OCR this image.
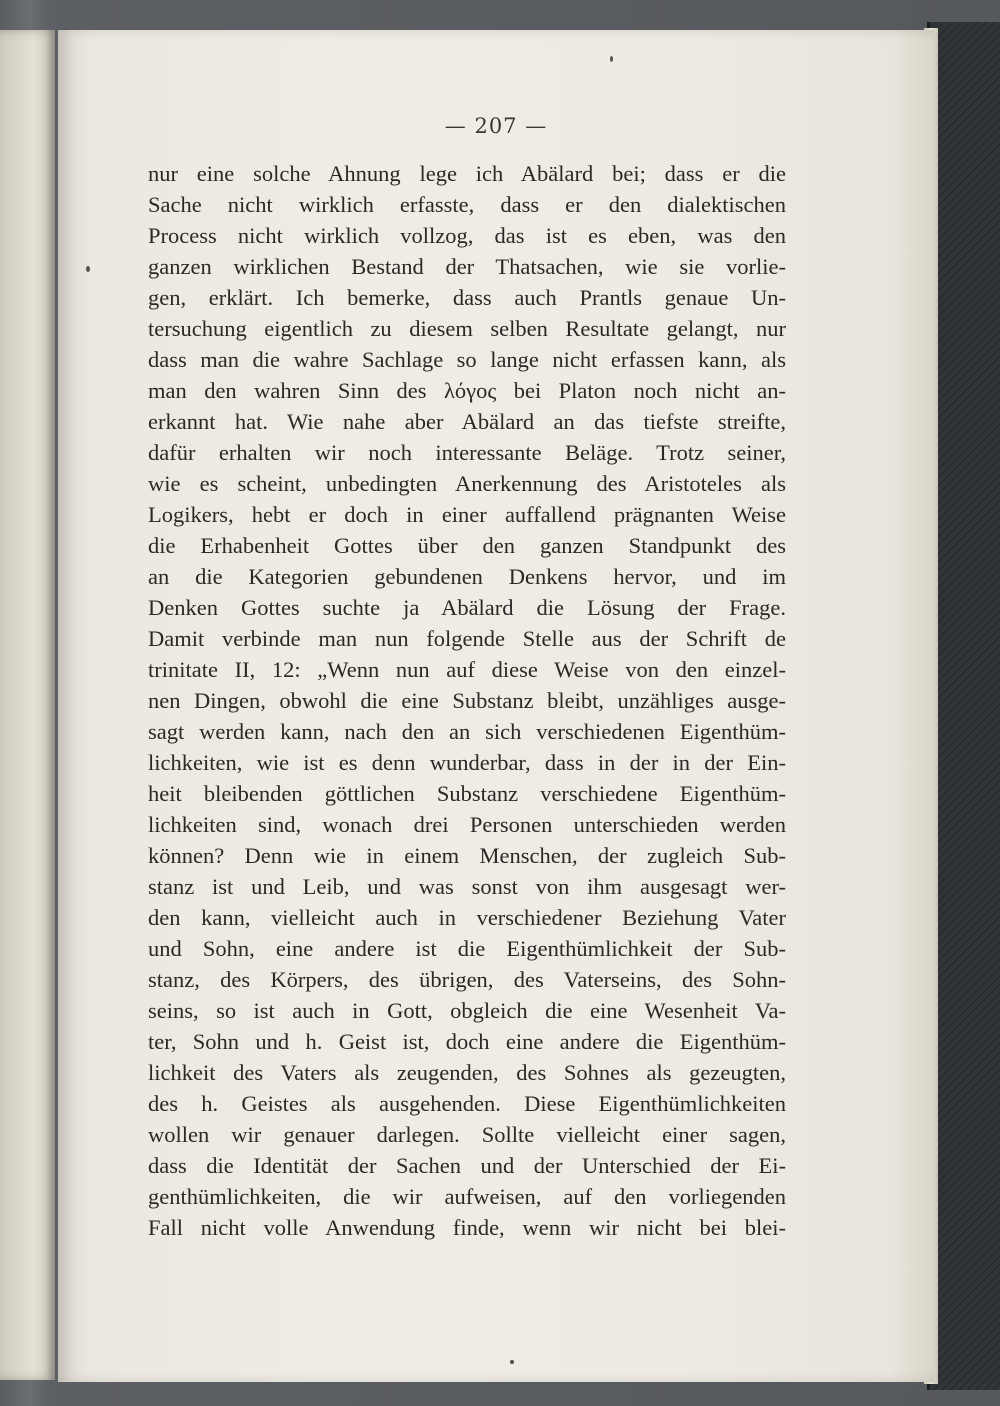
— 207 —
nur eine solche Ahnung lege ich Abälard bei; dass er die
Sache nicht wirklich erfasste, dass er den dialektischen
Process nicht wirklich vollzog, das ist es eben, was den
ganzen wirklichen Bestand der Thatsachen, wie sie vorlie-
gen, erklärt. Ich bemerke, dass auch Prantls genaue Un-
tersuchung eigentlich zu diesem selben Resultate gelangt, nur
dass man die wahre Sachlage so lange nicht erfassen kann, als
man den wahren Sinn des λόγος bei Platon noch nicht an-
erkannt hat. Wie nahe aber Abälard an das tiefste streifte,
dafür erhalten wir noch interessante Beläge. Trotz seiner,
wie es scheint, unbedingten Anerkennung des Aristoteles als
Logikers, hebt er doch in einer auffallend prägnanten Weise
die Erhabenheit Gottes über den ganzen Standpunkt des
an die Kategorien gebundenen Denkens hervor, und im
Denken Gottes suchte ja Abälard die Lösung der Frage.
Damit verbinde man nun folgende Stelle aus der Schrift de
trinitate II, 12: „Wenn nun auf diese Weise von den einzel-
nen Dingen, obwohl die eine Substanz bleibt, unzähliges ausge-
sagt werden kann, nach den an sich verschiedenen Eigenthüm-
lichkeiten, wie ist es denn wunderbar, dass in der in der Ein-
heit bleibenden göttlichen Substanz verschiedene Eigenthüm-
lichkeiten sind, wonach drei Personen unterschieden werden
können? Denn wie in einem Menschen, der zugleich Sub-
stanz ist und Leib, und was sonst von ihm ausgesagt wer-
den kann, vielleicht auch in verschiedener Beziehung Vater
und Sohn, eine andere ist die Eigenthümlichkeit der Sub-
stanz, des Körpers, des übrigen, des Vaterseins, des Sohn-
seins, so ist auch in Gott, obgleich die eine Wesenheit Va-
ter, Sohn und h. Geist ist, doch eine andere die Eigenthüm-
lichkeit des Vaters als zeugenden, des Sohnes als gezeugten,
des h. Geistes als ausgehenden. Diese Eigenthümlichkeiten
wollen wir genauer darlegen. Sollte vielleicht einer sagen,
dass die Identität der Sachen und der Unterschied der Ei-
genthümlichkeiten, die wir aufweisen, auf den vorliegenden
Fall nicht volle Anwendung finde, wenn wir nicht bei blei-
